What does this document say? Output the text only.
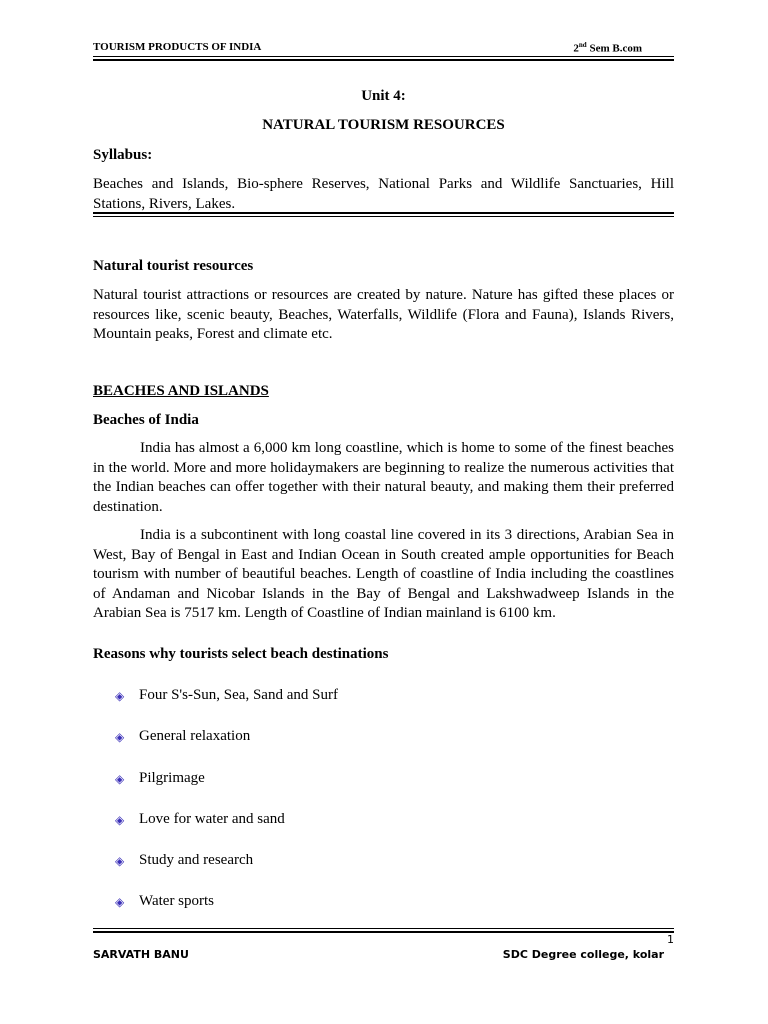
TOURISM PRODUCTS OF INDIA	2nd Sem B.com
Unit 4:
NATURAL TOURISM RESOURCES
Syllabus:
Beaches and Islands, Bio-sphere Reserves, National Parks and Wildlife Sanctuaries, Hill Stations, Rivers, Lakes.
Natural tourist resources
Natural tourist attractions or resources are created by nature. Nature has gifted these places or resources like, scenic beauty, Beaches, Waterfalls, Wildlife (Flora and Fauna), Islands Rivers, Mountain peaks, Forest and climate etc.
BEACHES AND ISLANDS
Beaches of India
India has almost a 6,000 km long coastline, which is home to some of the finest beaches in the world. More and more holidaymakers are beginning to realize the numerous activities that the Indian beaches can offer together with their natural beauty, and making them their preferred destination.
India is a subcontinent with long coastal line covered in its 3 directions, Arabian Sea in West, Bay of Bengal in East and Indian Ocean in South created ample opportunities for Beach tourism with number of beautiful beaches. Length of coastline of India including the coastlines of Andaman and Nicobar Islands in the Bay of Bengal and Lakshwadweep Islands in the Arabian Sea is 7517 km. Length of Coastline of Indian mainland is 6100 km.
Reasons why tourists select beach destinations
◈ Four S's-Sun, Sea, Sand and Surf
◈ General relaxation
◈ Pilgrimage
◈ Love for water and sand
◈ Study and research
◈ Water sports
1
SARVATH BANU	SDC Degree college, kolar
